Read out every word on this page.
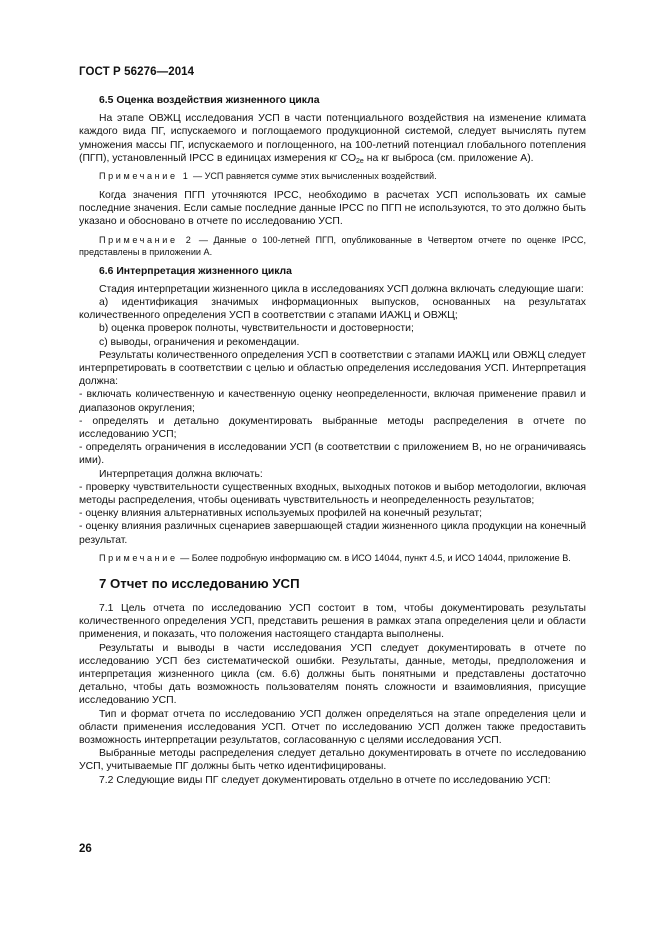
ГОСТ Р 56276—2014
6.5 Оценка воздействия жизненного цикла

На этапе ОВЖЦ исследования УСП в части потенциального воздействия на изменение климата каждого вида ПГ, испускаемого и поглощаемого продукционной системой, следует вычислять путем умножения массы ПГ, испускаемого и поглощенного, на 100-летний потенциал глобального потепления (ПГП), установленный IPCC в единицах измерения кг $CO_{2e}$ на кг выброса (см. приложение А).

Примечание 1 — УСП равняется сумме этих вычисленных воздействий.

Когда значения ПГП уточняются IPCC, необходимо в расчетах УСП использовать их самые последние значения. Если самые последние данные IPCC по ПГП не используются, то это должно быть указано и обосновано в отчете по исследованию УСП.

Примечание 2 — Данные о 100-летней ПГП, опубликованные в Четвертом отчете по оценке IPCC, представлены в приложении А.
6.6 Интерпретация жизненного цикла

Стадия интерпретации жизненного цикла в исследованиях УСП должна включать следующие шаги:

a) идентификация значимых информационных выпусков, основанных на результатах количественного определения УСП в соответствии с этапами ИАЖЦ и ОВЖЦ;

b) оценка проверок полноты, чувствительности и достоверности;

c) выводы, ограничения и рекомендации.

Результаты количественного определения УСП в соответствии с этапами ИАЖЦ или ОВЖЦ следует интерпретировать в соответствии с целью и областью определения исследования УСП. Интерпретация должна:

- включать количественную и качественную оценку неопределенности, включая применение правил и диапазонов округления;

- определять и детально документировать выбранные методы распределения в отчете по исследованию УСП;

- определять ограничения в исследовании УСП (в соответствии с приложением В, но не ограничиваясь ими).

Интерпретация должна включать:

- проверку чувствительности существенных входных, выходных потоков и выбор методологии, включая методы распределения, чтобы оценивать чувствительность и неопределенность результатов;

- оценку влияния альтернативных используемых профилей на конечный результат;

- оценку влияния различных сценариев завершающей стадии жизненного цикла продукции на конечный результат.

Примечание — Более подробную информацию см. в ИСО 14044, пункт 4.5, и ИСО 14044, приложение В.
7 Отчет по исследованию УСП

7.1 Цель отчета по исследованию УСП состоит в том, чтобы документировать результаты количественного определения УСП, представить решения в рамках этапа определения цели и области применения, и показать, что положения настоящего стандарта выполнены.

Результаты и выводы в части исследования УСП следует документировать в отчете по исследованию УСП без систематической ошибки. Результаты, данные, методы, предположения и интерпретация жизненного цикла (см. 6.6) должны быть понятными и представлены достаточно детально, чтобы дать возможность пользователям понять сложности и взаимовлияния, присущие исследованию УСП.

Тип и формат отчета по исследованию УСП должен определяться на этапе определения цели и области применения исследования УСП. Отчет по исследованию УСП должен также предоставить возможность интерпретации результатов, согласованную с целями исследования УСП.

Выбранные методы распределения следует детально документировать в отчете по исследованию УСП, учитываемые ПГ должны быть четко идентифицированы.

7.2 Следующие виды ПГ следует документировать отдельно в отчете по исследованию УСП:

26
